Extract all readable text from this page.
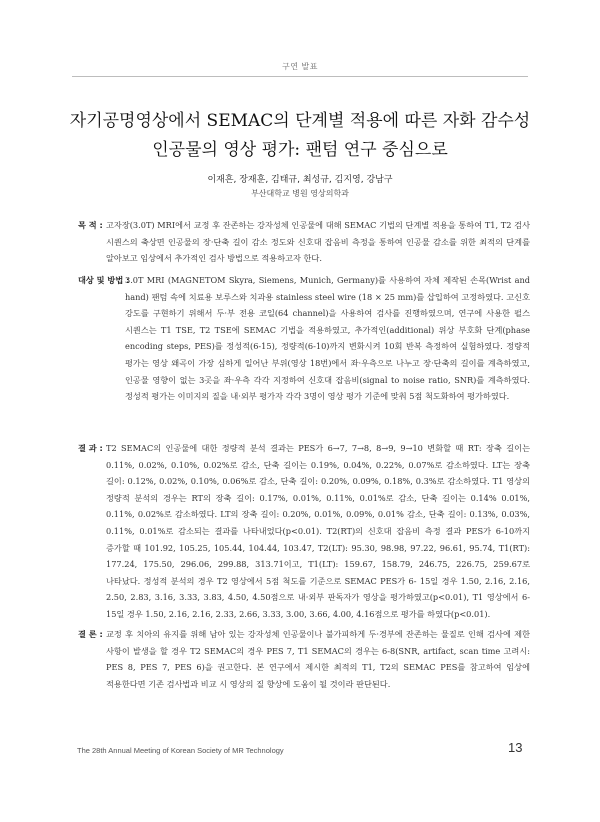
구연 발표
자기공명영상에서 SEMAC의 단계별 적용에 따른 자화 감수성
인공물의 영상 평가: 팬텀 연구 중심으로
이재흔, 장재훈, 김태규, 최성규, 김지영, 강남구
부산대학교 병원 영상의학과
목 적 : 고자장(3.0T) MRI에서 교정 후 잔존하는 강자성체 인공물에 대해 SEMAC 기법의 단계별 적용을 통하여 T1, T2 검사 시퀀스의 축상면 인공물의 장·단축 길이 감소 정도와 신호대 잡음비 측정을 통하여 인공물 감소를 위한 최적의 단계를 알아보고 임상에서 추가적인 검사 방법으로 적용하고자 한다.
대상 및 방법 :
3.0T MRI (MAGNETOM Skyra, Siemens, Munich, Germany)를 사용하여 자체 제작된 손목(Wrist and hand) 팬텀 속에 치료용 보루스와 치과용 stainless steel wire (18 × 25 mm)를 삽입하여 고정하였다. 고신호 강도를 구현하기 위해서 두·부 전용 코일(64 channel)을 사용하여 검사를 진행하였으며, 연구에 사용한 펄스 시퀀스는 T1 TSE, T2 TSE에 SEMAC 기법을 적용하였고, 추가적인(additional) 위상 부호화 단계(phase encoding steps, PES)를 정성적(6-15), 정량적(6-10)까지 변화시켜 10회 반복 측정하여 실험하였다. 정량적 평가는 영상 왜곡이 가장 심하게 일어난 부위(영상 18번)에서 좌·우측으로 나누고 장·단축의 길이를 계측하였고, 인공물 영향이 없는 3곳을 좌·우측 각각 지정하여 신호대 잡음비(signal to noise ratio, SNR)를 계측하였다. 정성적 평가는 이미지의 질을 내·외부 평가자 각각 3명이 영상 평가 기준에 맞춰 5점 척도화하여 평가하였다.
결 과 : T2 SEMAC의 인공물에 대한 정량적 분석 결과는 PES가 6→7, 7→8, 8→9, 9→10 변화할 때 RT: 장축 길이는 0.11%, 0.02%, 0.10%, 0.02%로 감소, 단축 길이는 0.19%, 0.04%, 0.22%, 0.07%로 감소하였다. LT는 장축 길이: 0.12%, 0.02%, 0.10%, 0.06%로 감소, 단축 길이: 0.20%, 0.09%, 0.18%, 0.3%로 감소하였다. T1 영상의 정량적 분석의 경우는 RT의 장축 길이: 0.17%, 0.01%, 0.11%, 0.01%로 감소, 단축 길이는 0.14% 0.01%, 0.11%, 0.02%로 감소하였다. LT의 장축 길이: 0.20%, 0.01%, 0.09%, 0.01% 감소, 단축 길이: 0.13%, 0.03%, 0.11%, 0.01%로 감소되는 결과를 나타내었다(p<0.01). T2(RT)의 신호대 잡음비 측정 결과 PES가 6-10까지 증가할 때 101.92, 105.25, 105.44, 104.44, 103.47, T2(LT): 95.30, 98.98, 97.22, 96.61, 95.74, T1(RT): 177.24, 175.50, 296.06, 299.88, 313.71이고, T1(LT): 159.67, 158.79, 246.75, 226.75, 259.67로 나타났다. 정성적 분석의 경우 T2 영상에서 5점 척도를 기준으로 SEMAC PES가 6- 15일 경우 1.50, 2.16, 2.16, 2.50, 2.83, 3.16, 3.33, 3.83, 4.50, 4.50점으로 내·외부 판독자가 영상을 평가하였고(p<0.01), T1 영상에서 6-15일 경우 1.50, 2.16, 2.16, 2.33, 2.66, 3.33, 3.00, 3.66, 4.00, 4.16점으로 평가를 하였다(p<0.01).
결 론 : 교정 후 치아의 유지를 위해 남아 있는 강자성체 인공물이나 불가피하게 두·경부에 잔존하는 물질로 인해 검사에 제한 사항이 발생을 할 경우 T2 SEMAC의 경우 PES 7, T1 SEMAC의 경우는 6-8(SNR, artifact, scan time 고려시: PES 8, PES 7, PES 6)을 권고한다. 본 연구에서 제시한 최적의 T1, T2의 SEMAC PES를 참고하여 임상에 적용한다면 기존 검사법과 비교 시 영상의 질 향상에 도움이 될 것이라 판단된다.
The 28th Annual Meeting of Korean Society of MR Technology	13
